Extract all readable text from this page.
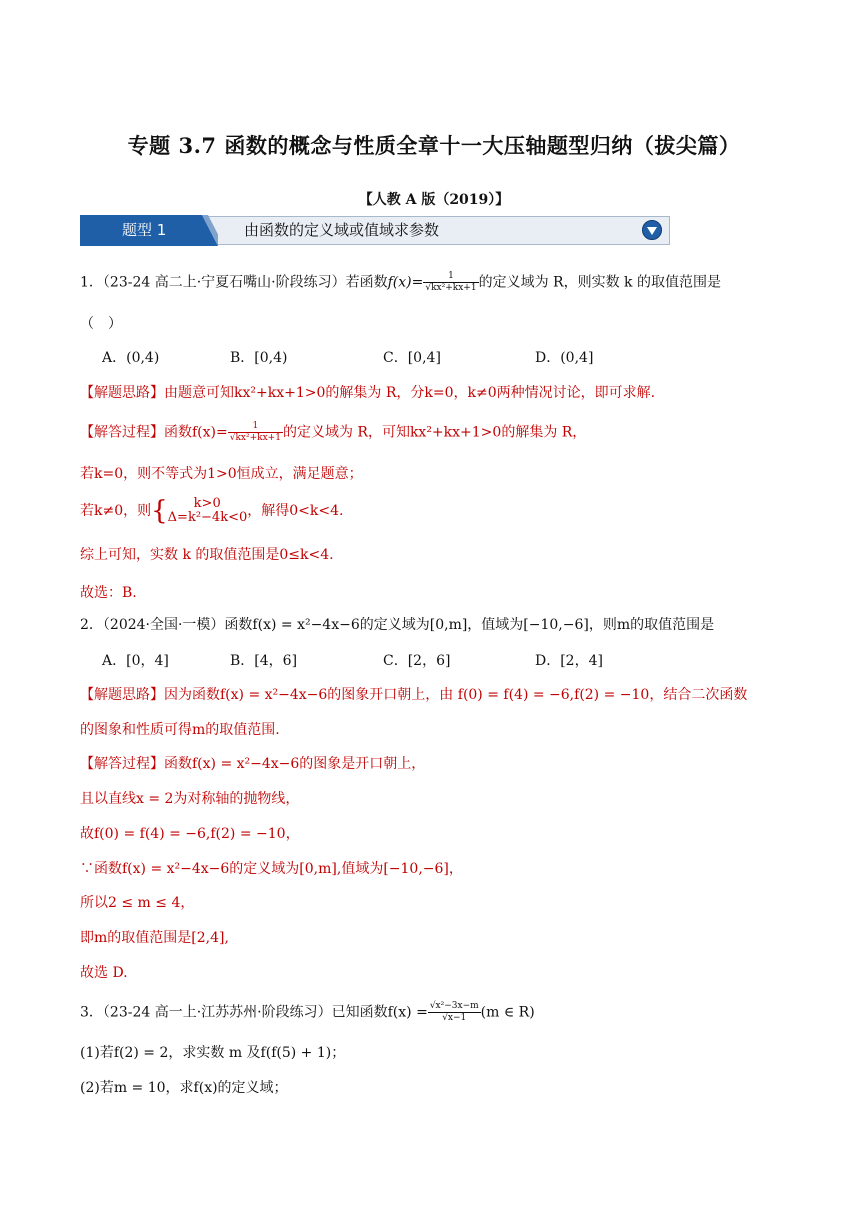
专题 3.7 函数的概念与性质全章十一大压轴题型归纳（拔尖篇）
【人教 A 版（2019）】
题型 1	由函数的定义域或值域求参数
1．（23-24 高二上·宁夏石嘴山·阶段练习）若函数$f(x)= \frac{1}{\text{√kx²+kx+1}}$ 的定义域为 R，则实数 k 的取值范围是
（　）
A．(0,4)	B．[0,4)	C．[0,4]	D．(0,4]
【解题思路】由题意可知kx²+kx+1>0的解集为 R，分k=0，k≠0两种情况讨论，即可求解.
【解答过程】函数$f(x)= \frac{1}{\text{√kx²+kx+1}}$ 的定义域为 R，可知kx²+kx+1>0的解集为 R，
若k=0，则不等式为1>0恒成立，满足题意；
若k≠0，则{	k>0
Δ=k²−4k<0 ，解得0<k<4.
综上可知，实数 k 的取值范围是0≤k<4.
故选：B.
2．（2024·全国·一模）函数f(x) = x²−4x−6的定义域为[0,m]，值域为[−10,−6]，则m的取值范围是
A．[0，4]	B．[4，6]	C．[2，6]	D．[2，4]
【解题思路】因为函数f(x) = x²−4x−6的图象开口朝上，由 f(0) = f(4) = −6,f(2) = −10，结合二次函数
的图象和性质可得m的取值范围.
【解答过程】函数f(x) = x²−4x−6的图象是开口朝上，
且以直线x = 2为对称轴的抛物线，
故f(0) = f(4) = −6,f(2) = −10，
∵函数f(x) = x²−4x−6的定义域为[0,m],值域为[−10,−6]，
所以2 ≤ m ≤ 4，
即m的取值范围是[2,4],
故选 D.
3．（23-24 高一上·江苏苏州·阶段练习）已知函数$f(x) = \frac{\text{√x²−3x−m}}{√x-1} (m$ ∈ R)
(1)若f(2) = 2，求实数 m 及f(f(5) + 1)；
(2)若m = 10，求f(x)的定义域；
